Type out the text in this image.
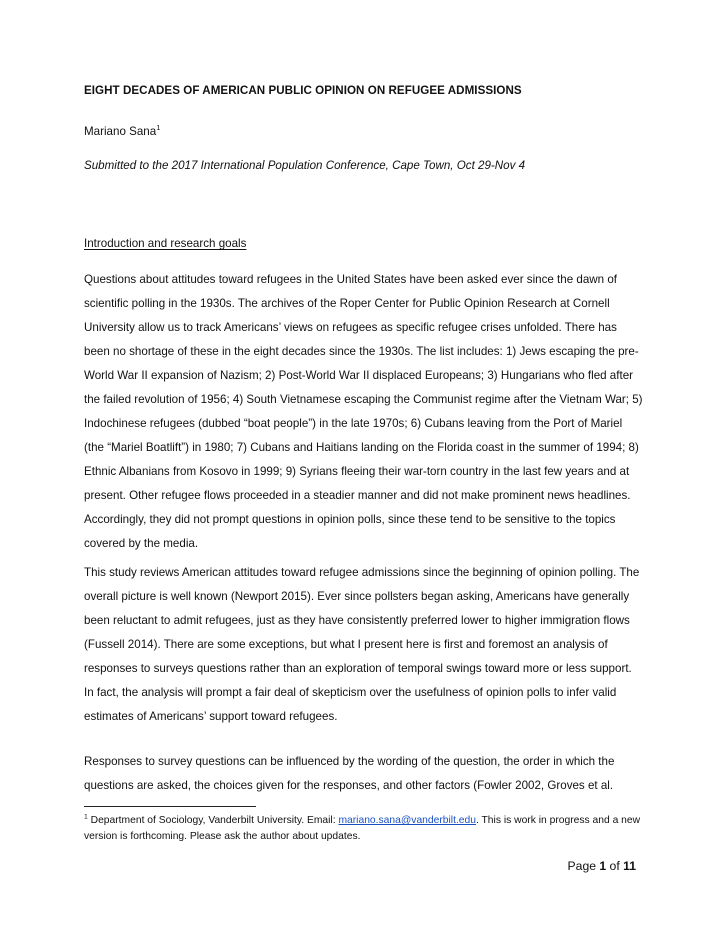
EIGHT DECADES OF AMERICAN PUBLIC OPINION ON REFUGEE ADMISSIONS
Mariano Sana$^1$
Submitted to the 2017 International Population Conference, Cape Town, Oct 29-Nov 4
Introduction and research goals

Questions about attitudes toward refugees in the United States have been asked ever since the dawn of scientific polling in the 1930s. The archives of the Roper Center for Public Opinion Research at Cornell University allow us to track Americans’ views on refugees as specific refugee crises unfolded. There has been no shortage of these in the eight decades since the 1930s. The list includes: 1) Jews escaping the pre-World War II expansion of Nazism; 2) Post-World War II displaced Europeans; 3) Hungarians who fled after the failed revolution of 1956; 4) South Vietnamese escaping the Communist regime after the Vietnam War; 5) Indochinese refugees (dubbed “boat people”) in the late 1970s; 6) Cubans leaving from the Port of Mariel (the “Mariel Boatlift”) in 1980; 7) Cubans and Haitians landing on the Florida coast in the summer of 1994; 8) Ethnic Albanians from Kosovo in 1999; 9) Syrians fleeing their war-torn country in the last few years and at present. Other refugee flows proceeded in a steadier manner and did not make prominent news headlines. Accordingly, they did not prompt questions in opinion polls, since these tend to be sensitive to the topics covered by the media.

This study reviews American attitudes toward refugee admissions since the beginning of opinion polling. The overall picture is well known (Newport 2015). Ever since pollsters began asking, Americans have generally been reluctant to admit refugees, just as they have consistently preferred lower to higher immigration flows (Fussell 2014). There are some exceptions, but what I present here is first and foremost an analysis of responses to surveys questions rather than an exploration of temporal swings toward more or less support. In fact, the analysis will prompt a fair deal of skepticism over the usefulness of opinion polls to infer valid estimates of Americans’ support toward refugees.

Responses to survey questions can be influenced by the wording of the question, the order in which the questions are asked, the choices given for the responses, and other factors (Fowler 2002, Groves et al.

$^1$ Department of Sociology, Vanderbilt University. Email: mariano.sana@vanderbilt.edu. This is work in progress and a new version is forthcoming. Please ask the author about updates.
Page 1 of 11
